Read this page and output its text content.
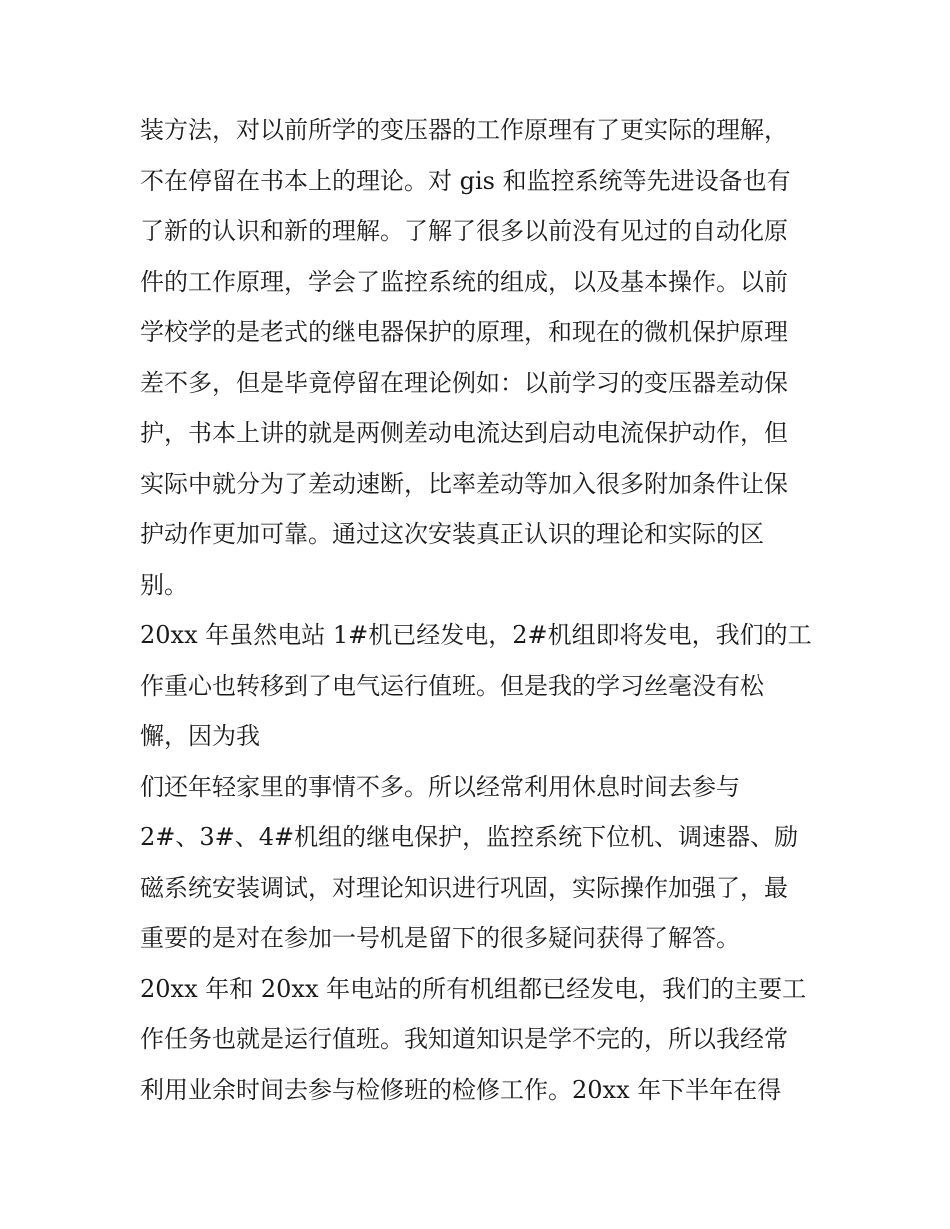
装方法，对以前所学的变压器的工作原理有了更实际的理解，
不在停留在书本上的理论。对 gis 和监控系统等先进设备也有
了新的认识和新的理解。了解了很多以前没有见过的自动化原
件的工作原理，学会了监控系统的组成，以及基本操作。以前
学校学的是老式的继电器保护的原理，和现在的微机保护原理
差不多，但是毕竟停留在理论例如：以前学习的变压器差动保
护，书本上讲的就是两侧差动电流达到启动电流保护动作，但
实际中就分为了差动速断，比率差动等加入很多附加条件让保
护动作更加可靠。通过这次安装真正认识的理论和实际的区
别。
20xx 年虽然电站 1#机已经发电，2#机组即将发电，我们的工
作重心也转移到了电气运行值班。但是我的学习丝毫没有松
懈，因为我
们还年轻家里的事情不多。所以经常利用休息时间去参与
2#、3#、4#机组的继电保护，监控系统下位机、调速器、励
磁系统安装调试，对理论知识进行巩固，实际操作加强了，最
重要的是对在参加一号机是留下的很多疑问获得了解答。
20xx 年和 20xx 年电站的所有机组都已经发电，我们的主要工
作任务也就是运行值班。我知道知识是学不完的，所以我经常
利用业余时间去参与检修班的检修工作。20xx 年下半年在得
